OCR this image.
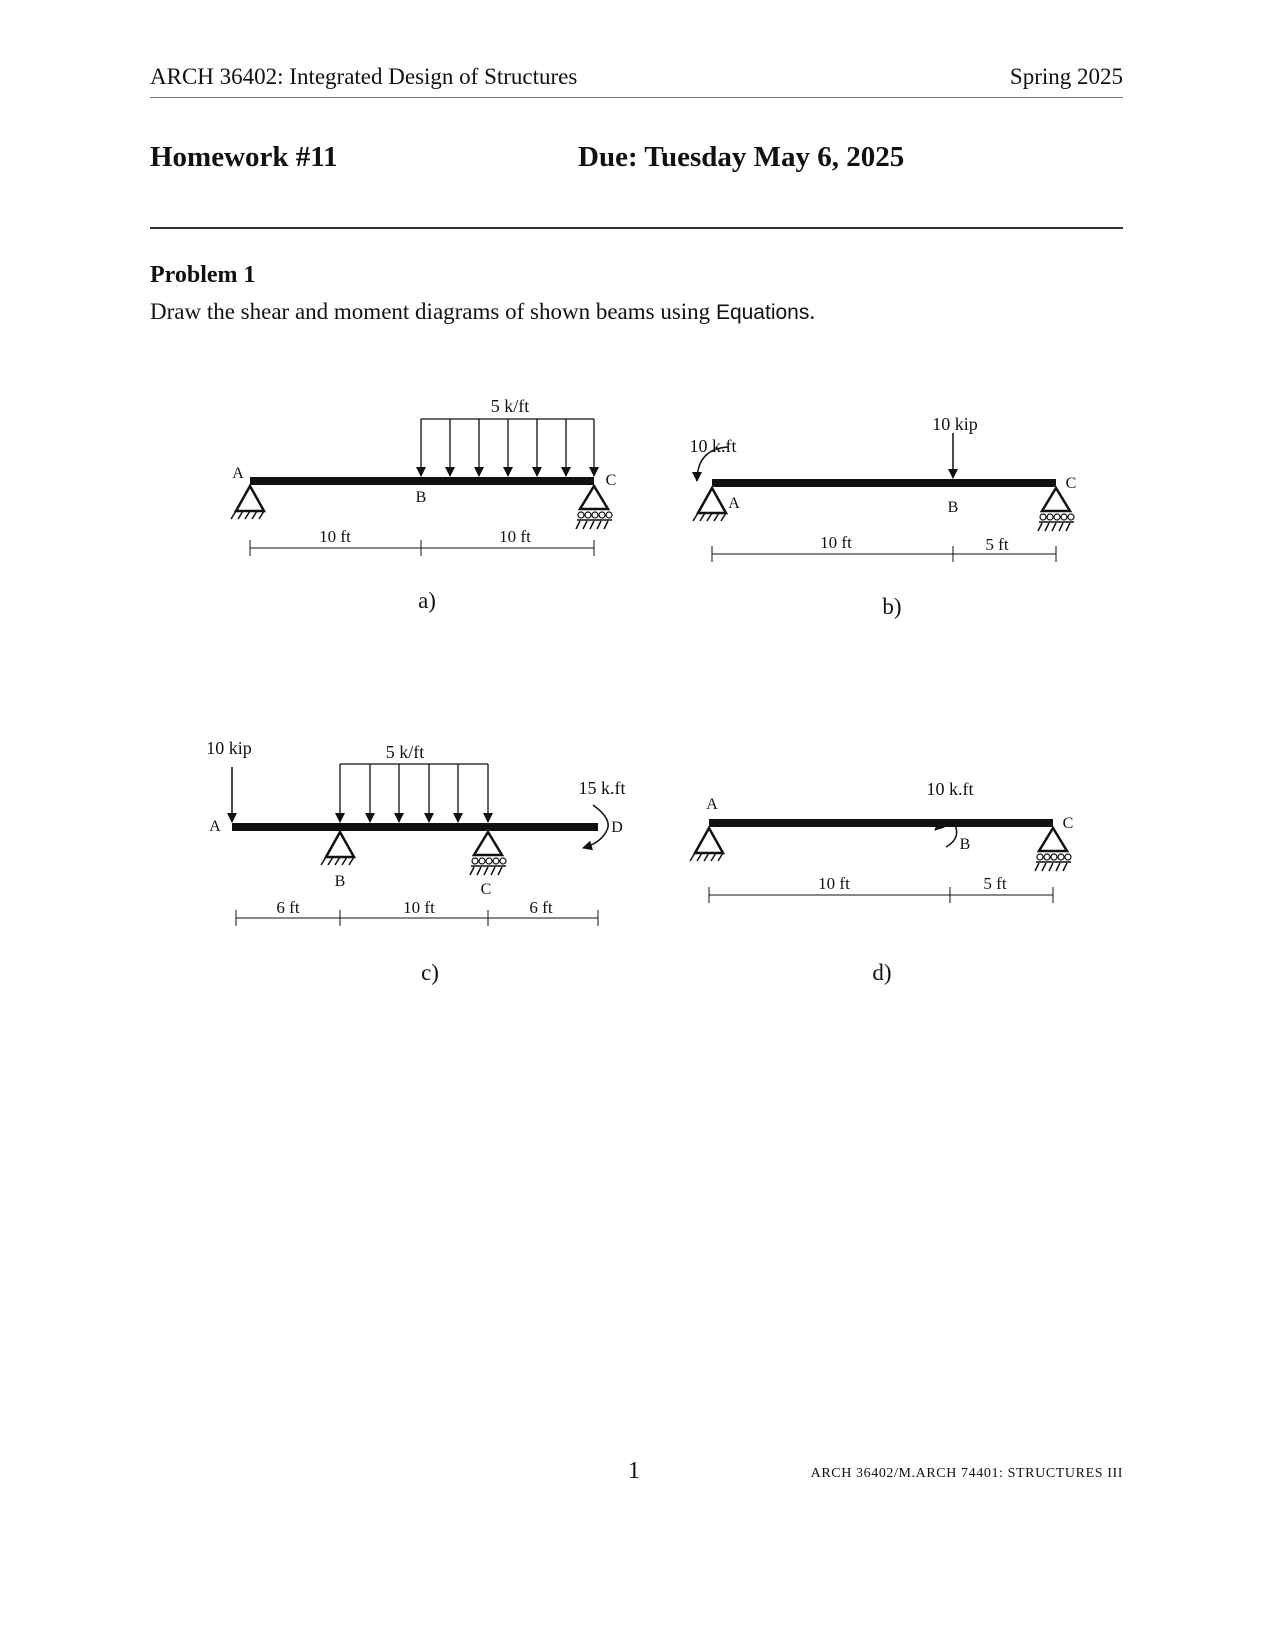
ARCH 36402: Integrated Design of Structures	Spring 2025
Homework #11	Due: Tuesday May 6, 2025
Problem 1
Draw the shear and moment diagrams of shown beams using Equations.
5 k/ft
A
B
C
10 ft	10 ft
a)
10 k.ft
10 kip
A	B
C
10 ft	5 ft
b)
10 kip	5 k/ft
15 k.ft
A
B	C
D
6 ft	10 ft	6 ft
c)
10 k.ft
A
B
C
10 ft	5 ft
d)
1	ARCH 36402/M.ARCH 74401: STRUCTURES III
